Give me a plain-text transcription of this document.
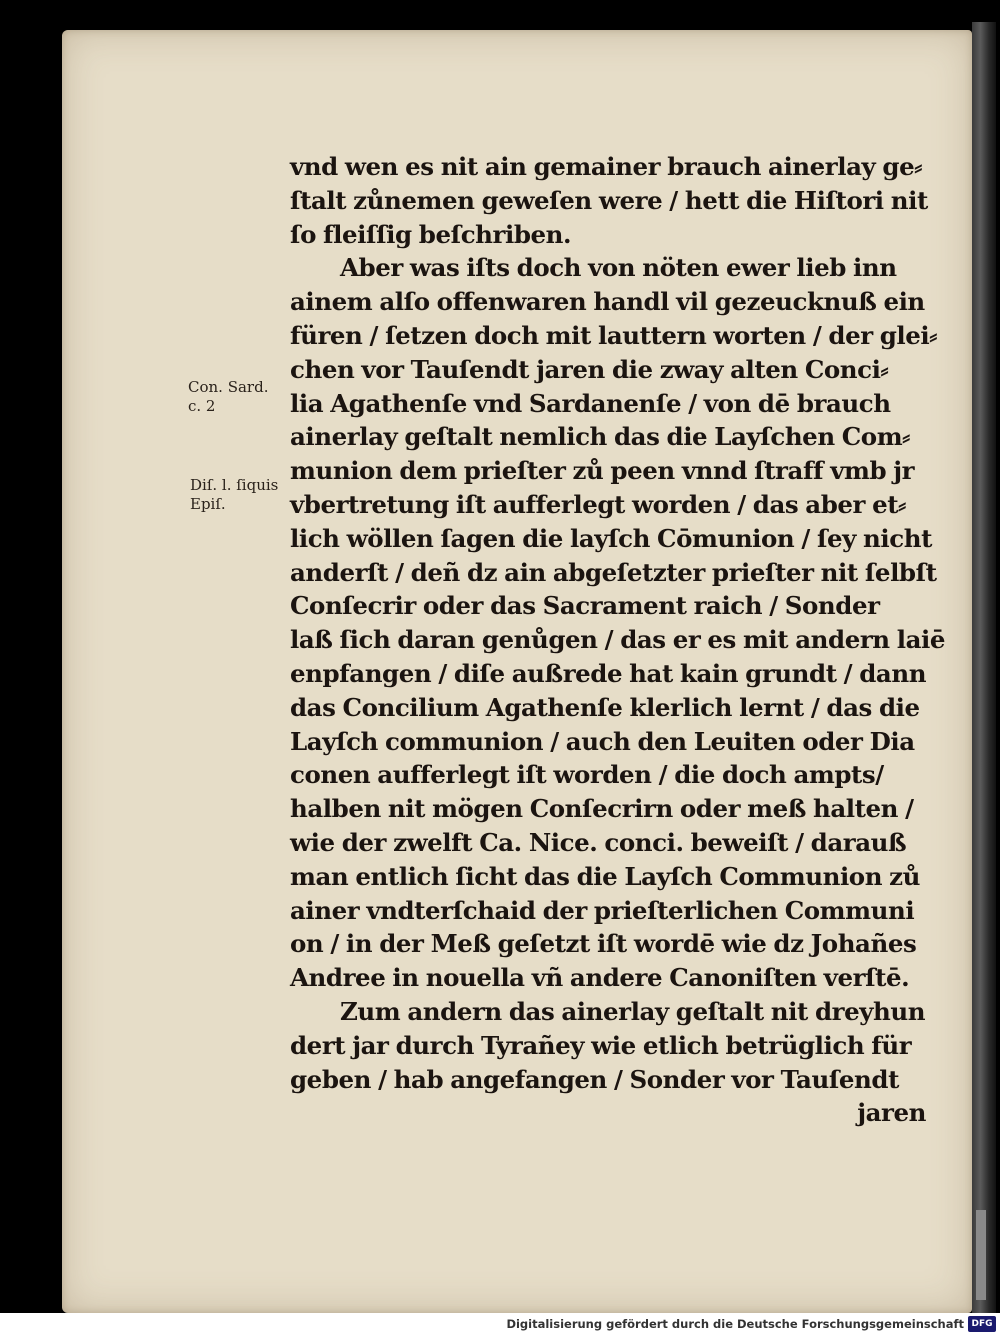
Con. Sard.
c. 2
Diſ. l. ſiquis
Epiſ.
vnd wen es nit ain gemainer brauch ainerlay ge⸗
ſtalt zůnemen geweſen were / hett die Hiſtori nit
ſo fleiſſig beſchriben.
Aber was iſts doch von nöten ewer lieb inn
ainem alſo offenwaren handl vil gezeucknuß ein
füren / ſetzen doch mit lauttern worten / der glei⸗
chen vor Tauſendt jaren die zway alten Conci⸗
lia Agathenſe vnd Sardanenſe / von dē brauch
ainerlay geſtalt nemlich das die Layſchen Com⸗
munion dem prieſter zů peen vnnd ſtraff vmb jr
vbertretung iſt aufferlegt worden / das aber et⸗
lich wöllen ſagen die layſch Cōmunion / ſey nicht
anderſt / deñ dz ain abgeſetzter prieſter nit ſelbſt
Conſecrir oder das Sacrament raich / Sonder
laß ſich daran genůgen / das er es mit andern laiē
enpfangen / diſe außrede hat kain grundt / dann
das Concilium Agathenſe klerlich lernt / das die
Layſch communion / auch den Leuiten oder Dia
conen aufferlegt iſt worden / die doch ampts/
halben nit mögen Conſecrirn oder meß halten /
wie der zwelft Ca. Nice. conci. beweiſt / darauß
man entlich ſicht das die Layſch Communion zů
ainer vndterſchaid der prieſterlichen Communi
on / in der Meß geſetzt iſt wordē wie dz Johañes
Andree in nouella vñ andere Canoniſten verſtē.
Zum andern das ainerlay geſtalt nit dreyhun
dert jar durch Tyrañey wie etlich betrüglich für
geben / hab angefangen / Sonder vor Tauſendt
jaren
Digitalisierung gefördert durch die Deutsche Forschungsgemeinschaft DFG
